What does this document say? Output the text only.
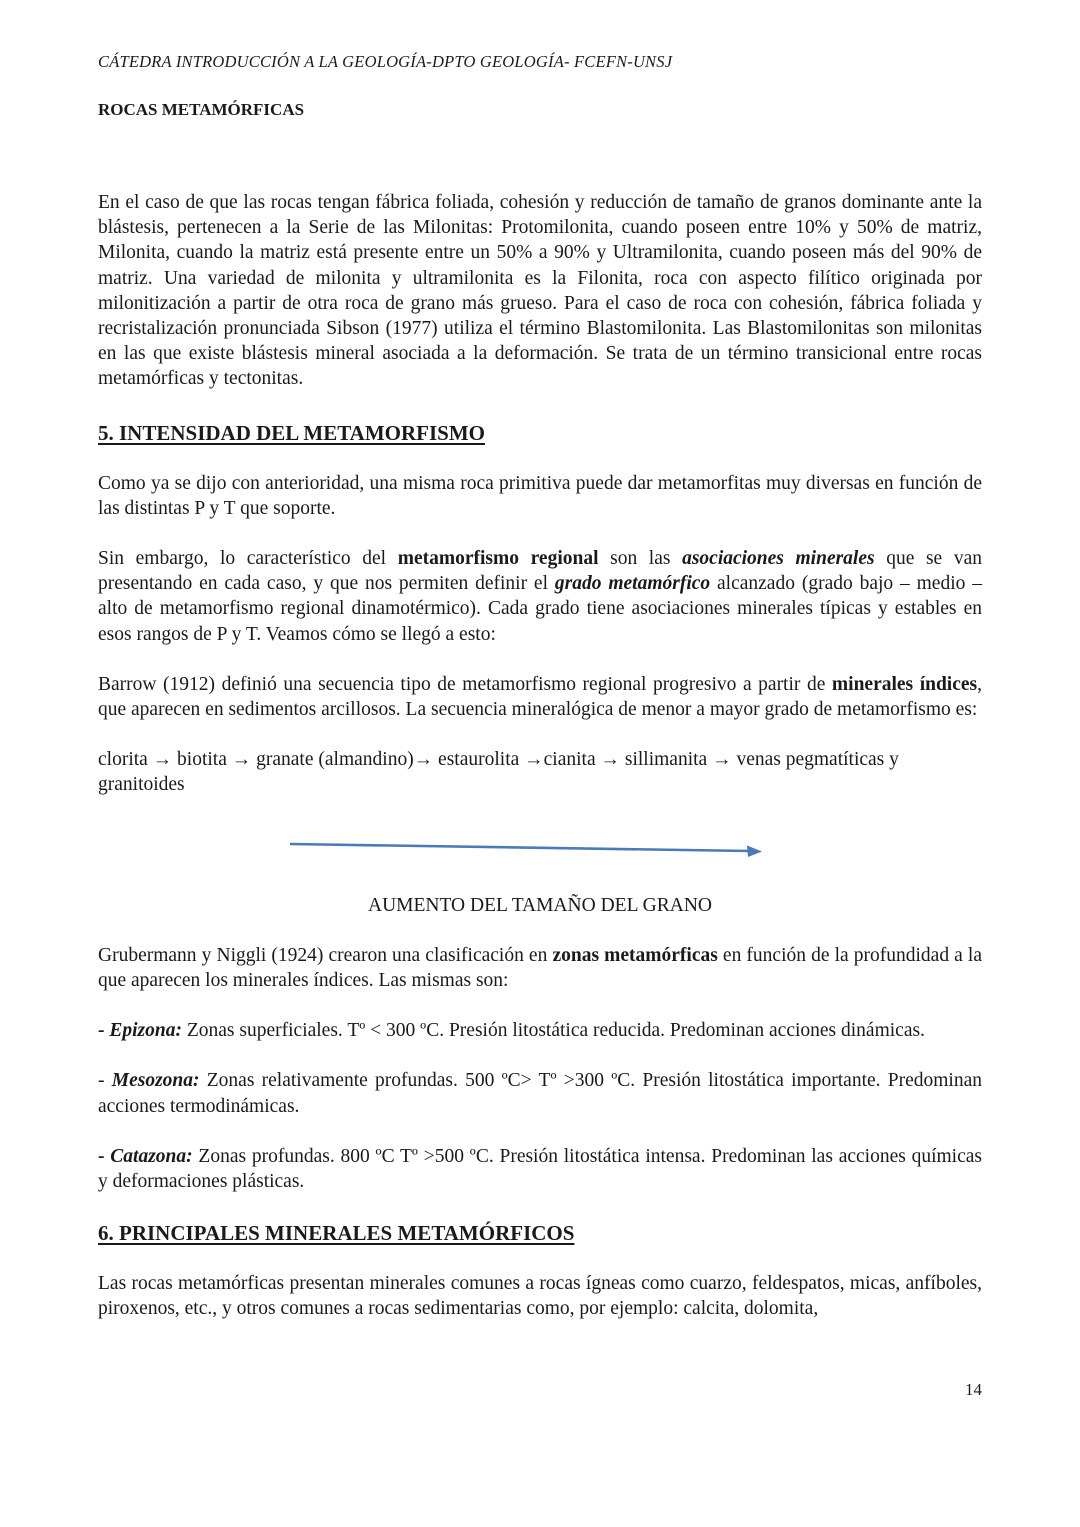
CÁTEDRA INTRODUCCIÓN A LA GEOLOGÍA-DPTO GEOLOGÍA- FCEFN-UNSJ
ROCAS METAMÓRFICAS

En el caso de que las rocas tengan fábrica foliada, cohesión y reducción de tamaño de granos dominante ante la blástesis, pertenecen a la Serie de las Milonitas: Protomilonita, cuando poseen entre 10% y 50% de matriz, Milonita, cuando la matriz está presente entre un 50% a 90% y Ultramilonita, cuando poseen más del 90% de matriz. Una variedad de milonita y ultramilonita es la Filonita, roca con aspecto filítico originada por milonitización a partir de otra roca de grano más grueso. Para el caso de roca con cohesión, fábrica foliada y recristalización pronunciada Sibson (1977) utiliza el término Blastomilonita. Las Blastomilonitas son milonitas en las que existe blástesis mineral asociada a la deformación. Se trata de un término transicional entre rocas metamórficas y tectonitas.

5. INTENSIDAD DEL METAMORFISMO

Como ya se dijo con anterioridad, una misma roca primitiva puede dar metamorfitas muy diversas en función de las distintas P y T que soporte.

Sin embargo, lo característico del metamorfismo regional son las asociaciones minerales que se van presentando en cada caso, y que nos permiten definir el grado metamórfico alcanzado (grado bajo – medio – alto de metamorfismo regional dinamotérmico). Cada grado tiene asociaciones minerales típicas y estables en esos rangos de P y T. Veamos cómo se llegó a esto:

Barrow (1912) definió una secuencia tipo de metamorfismo regional progresivo a partir de minerales índices, que aparecen en sedimentos arcillosos. La secuencia mineralógica de menor a mayor grado de metamorfismo es:

clorita → biotita → granate (almandino)→ estaurolita →cianita → sillimanita → venas pegmatíticas y granitoides

AUMENTO DEL TAMAÑO DEL GRANO

Grubermann y Niggli (1924) crearon una clasificación en zonas metamórficas en función de la profundidad a la que aparecen los minerales índices. Las mismas son:

- Epizona: Zonas superficiales. Tº < 300 ºC. Presión litostática reducida. Predominan acciones dinámicas.

- Mesozona: Zonas relativamente profundas. 500 ºC> Tº >300 ºC. Presión litostática importante. Predominan acciones termodinámicas.

- Catazona: Zonas profundas. 800 ºC Tº >500 ºC. Presión litostática intensa. Predominan las acciones químicas y deformaciones plásticas.

6. PRINCIPALES MINERALES METAMÓRFICOS

Las rocas metamórficas presentan minerales comunes a rocas ígneas como cuarzo, feldespatos, micas, anfíboles, piroxenos, etc., y otros comunes a rocas sedimentarias como, por ejemplo: calcita, dolomita,

14
